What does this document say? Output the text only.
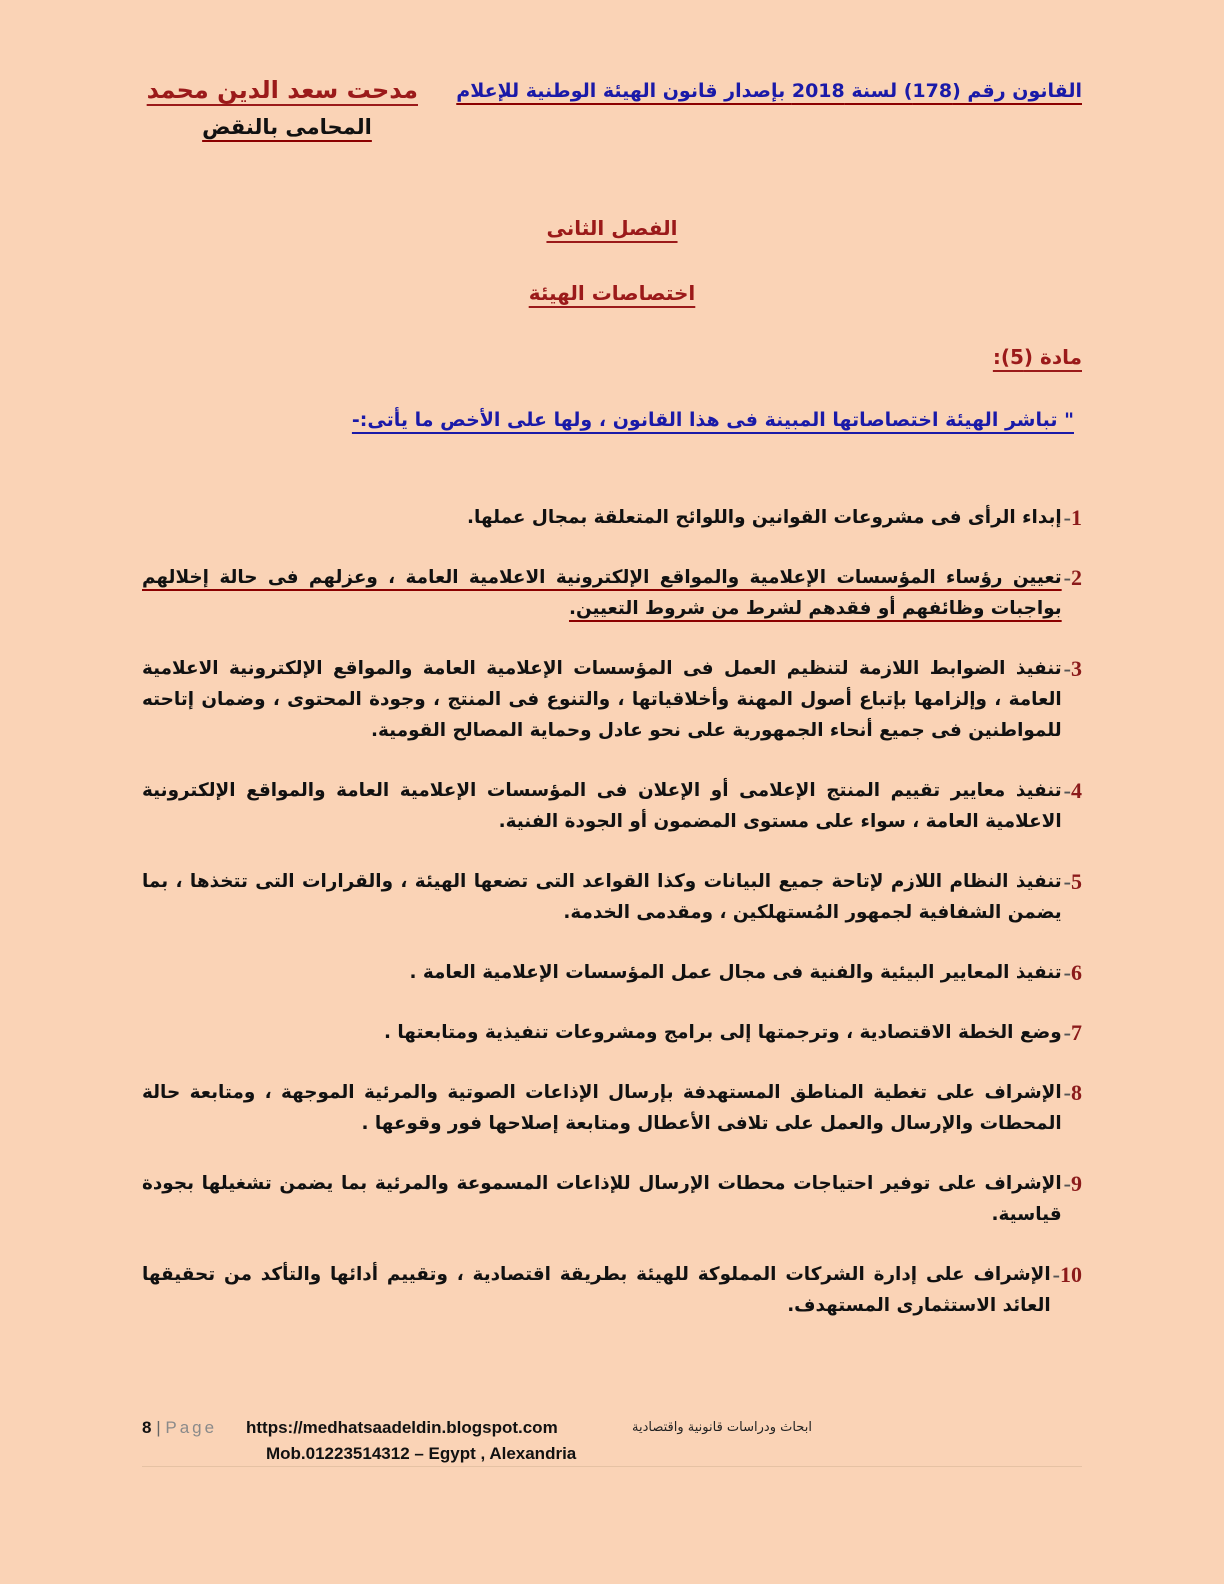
القانون رقم (178) لسنة 2018 بإصدار قانون الهيئة الوطنية للإعلام
مدحت سعد الدين محمد
المحامى بالنقض
الفصل الثانى
اختصاصات الهيئة
مادة (5):
" تباشر الهيئة اختصاصاتها المبينة فى هذا القانون ، ولها على الأخص ما يأتى:-
1-
إبداء الرأى فى مشروعات القوانين واللوائح المتعلقة بمجال عملها.
2-
تعيين رؤساء المؤسسات الإعلامية والمواقع الإلكترونية الاعلامية العامة ، وعزلهم فى حالة إخلالهم بواجبات وظائفهم أو فقدهم لشرط من شروط التعيين.
3-
تنفيذ الضوابط اللازمة لتنظيم العمل فى المؤسسات الإعلامية العامة والمواقع الإلكترونية الاعلامية العامة ، وإلزامها بإتباع أصول المهنة وأخلاقياتها ، والتنوع فى المنتج ، وجودة المحتوى ، وضمان إتاحته للمواطنين فى جميع أنحاء الجمهورية على نحو عادل وحماية المصالح القومية.
4-
تنفيذ معايير تقييم المنتج الإعلامى أو الإعلان فى المؤسسات الإعلامية العامة والمواقع الإلكترونية الاعلامية العامة ، سواء على مستوى المضمون أو الجودة الفنية.
5-
تنفيذ النظام اللازم لإتاحة جميع البيانات وكذا القواعد التى تضعها الهيئة ، والقرارات التى تتخذها ، بما يضمن الشفافية لجمهور المُستهلكين ، ومقدمى الخدمة.
6-
تنفيذ المعايير البيئية والفنية فى مجال عمل المؤسسات الإعلامية العامة .
7-
وضع الخطة الاقتصادية ، وترجمتها إلى برامج ومشروعات تنفيذية ومتابعتها .
8-
الإشراف على تغطية المناطق المستهدفة بإرسال الإذاعات الصوتية والمرئية الموجهة ، ومتابعة حالة المحطات والإرسال والعمل على تلافى الأعطال ومتابعة إصلاحها فور وقوعها .
9-
الإشراف على توفير احتياجات محطات الإرسال للإذاعات المسموعة والمرئية بما يضمن تشغيلها بجودة قياسية.
10-
الإشراف على إدارة الشركات المملوكة للهيئة بطريقة اقتصادية ، وتقييم أدائها والتأكد من تحقيقها العائد الاستثمارى المستهدف.
8 | Page https://medhatsaadeldin.blogspot.com	ابحاث ودراسات قانونية واقتصادية
Mob.01223514312 – Egypt , Alexandria
